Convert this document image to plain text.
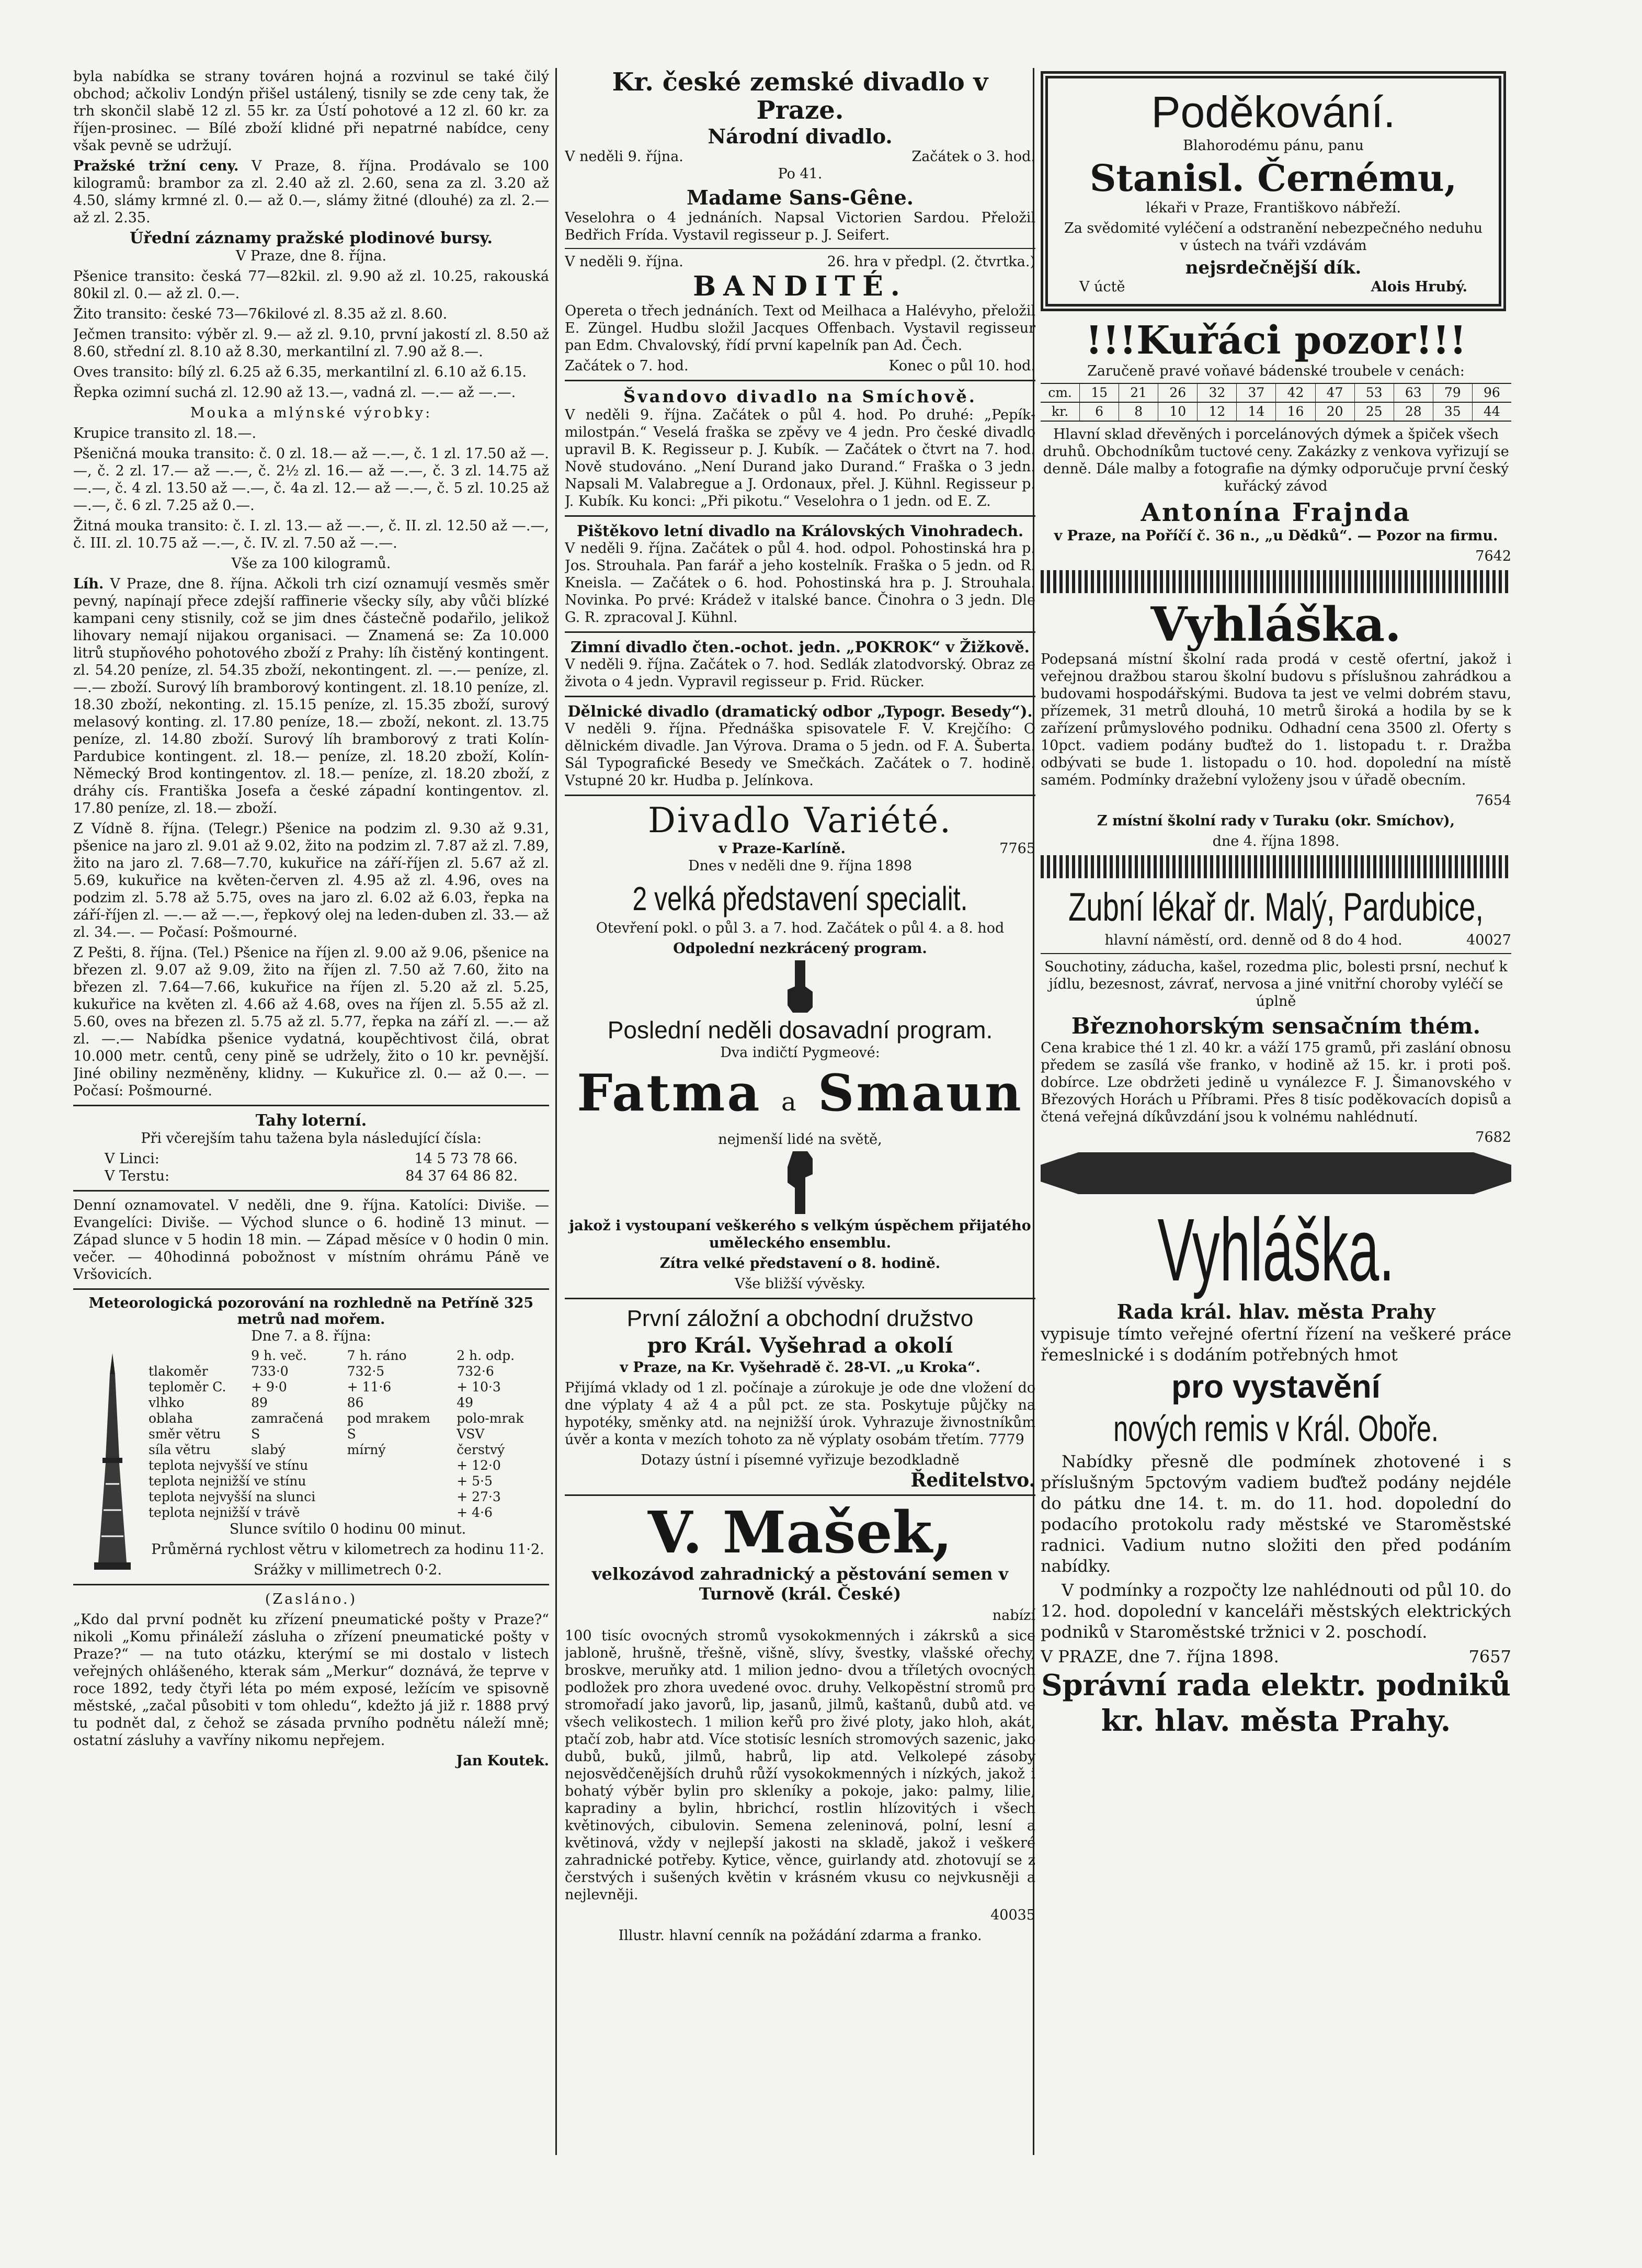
byla nabídka se strany továren hojná a rozvinul se také čilý obchod; ačkoliv Londýn přišel ustálený, tisnily se zde ceny tak, že trh skončil slabě 12 zl. 55 kr. za Ústí pohotové a 12 zl. 60 kr. za říjen-prosinec. — Bílé zboží klidné při nepatrné nabídce, ceny však pevně se udržují.

Pražské tržní ceny. V Praze, 8. října. Prodávalo se 100 kilogramů: brambor za zl. 2.40 až zl. 2.60, sena za zl. 3.20 až 4.50, slámy krmné zl. 0.— až 0.—, slámy žitné (dlouhé) za zl. 2.— až zl. 2.35.

Úřední záznamy pražské plodinové bursy.
V Praze, dne 8. října.

Pšenice transito: česká 77—82kil. zl. 9.90 až zl. 10.25, rakouská 80kil zl. 0.— až zl. 0.—.

Žito transito: české 73—76kilové zl. 8.35 až zl. 8.60.

Ječmen transito: výběr zl. 9.— až zl. 9.10, první jakostí zl. 8.50 až 8.60, střední zl. 8.10 až 8.30, merkantilní zl. 7.90 až 8.—.

Oves transito: bílý zl. 6.25 až 6.35, merkantilní zl. 6.10 až 6.15.

Řepka ozimní suchá zl. 12.90 až 13.—, vadná zl. —.— až —.—.

Mouka a mlýnské výrobky:

Krupice transito zl. 18.—.

Pšeničná mouka transito: č. 0 zl. 18.— až —.—, č. 1 zl. 17.50 až —.—, č. 2 zl. 17.— až —.—, č. 2½ zl. 16.— až —.—, č. 3 zl. 14.75 až —.—, č. 4 zl. 13.50 až —.—, č. 4a zl. 12.— až —.—, č. 5 zl. 10.25 až —.—, č. 6 zl. 7.25 až 0.—.

Žitná mouka transito: č. I. zl. 13.— až —.—, č. II. zl. 12.50 až —.—, č. III. zl. 10.75 až —.—, č. IV. zl. 7.50 až —.—.

Vše za 100 kilogramů.

Líh. V Praze, dne 8. října. Ačkoli trh cizí oznamují vesměs směr pevný, napínají přece zdejší raffinerie všecky síly, aby vůči blízké kampani ceny stisnily, což se jim dnes částečně podařilo, jelikož lihovary nemají nijakou organisaci. — Znamená se: Za 10.000 litrů stupňového pohotového zboží z Prahy: líh čistěný kontingent. zl. 54.20 peníze, zl. 54.35 zboží, nekontingent. zl. —.— peníze, zl. —.— zboží. Surový líh bramborový kontingent. zl. 18.10 peníze, zl. 18.30 zboží, nekonting. zl. 15.15 peníze, zl. 15.35 zboží, surový melasový konting. zl. 17.80 peníze, 18.— zboží, nekont. zl. 13.75 peníze, zl. 14.80 zboží. Surový líh bramborový z trati Kolín-Pardubice kontingent. zl. 18.— peníze, zl. 18.20 zboží, Kolín-Německý Brod kontingentov. zl. 18.— peníze, zl. 18.20 zboží, z dráhy cís. Františka Josefa a české západní kontingentov. zl. 17.80 peníze, zl. 18.— zboží.

Z Vídně 8. října. (Telegr.) Pšenice na podzim zl. 9.30 až 9.31, pšenice na jaro zl. 9.01 až 9.02, žito na podzim zl. 7.87 až zl. 7.89, žito na jaro zl. 7.68—7.70, kukuřice na září-říjen zl. 5.67 až zl. 5.69, kukuřice na květen-červen zl. 4.95 až zl. 4.96, oves na podzim zl. 5.78 až 5.75, oves na jaro zl. 6.02 až 6.03, řepka na září-říjen zl. —.— až —.—, řepkový olej na leden-duben zl. 33.— až zl. 34.—. — Počasí: Pošmourné.

Z Pešti, 8. října. (Tel.) Pšenice na říjen zl. 9.00 až 9.06, pšenice na březen zl. 9.07 až 9.09, žito na říjen zl. 7.50 až 7.60, žito na březen zl. 7.64—7.66, kukuřice na říjen zl. 5.20 až zl. 5.25, kukuřice na květen zl. 4.66 až 4.68, oves na říjen zl. 5.55 až zl. 5.60, oves na březen zl. 5.75 až zl. 5.77, řepka na září zl. —.— až zl. —.— Nabídka pšenice vydatná, koupěchtivost čilá, obrat 10.000 metr. centů, ceny pině se udržely, žito o 10 kr. pevnější. Jiné obiliny nezměněny, klidny. — Kukuřice zl. 0.— až 0.—. — Počasí: Pošmourné.

Tahy loterní.
Při včerejším tahu tažena byla následující čísla:
V Linci:	14 5 73 78 66.
V Terstu:	84 37 64 86 82.

Denní oznamovatel. V neděli, dne 9. října. Katolíci: Diviše. — Evangelíci: Diviše. — Východ slunce o 6. hodině 13 minut. — Západ slunce v 5 hodin 18 min. — Západ měsíce v 0 hodin 0 min. večer. — 40hodinná pobožnost v místním ohrámu Páně ve Vršovicích.

Meteorologická pozorování na rozhledně na Petříně 325 metrů nad mořem.
Dne 7. a 8. října:
	9 h. več.	7 h. ráno	2 h. odp.
tlakoměr	733·0	732·5	732·6
teploměr C.	+ 9·0	+ 11·6	+ 10·3
vlhko	89	86	49
oblaha	zamračená	pod mrakem	polo-mrak
směr větru	S	S	VSV
síla větru	slabý	mírný	čerstvý
teplota nejvyšší ve stínu			+ 12·0
teplota nejnižší ve stínu			+ 5·5
teplota nejvyšší na slunci			+ 27·3
teplota nejnižší v trávě			+ 4·6
Slunce svítilo 0 hodinu 00 minut.
Průměrná rychlost větru v kilometrech za hodinu 11·2.
Srážky v millimetrech 0·2.
(Zasláno.)

„Kdo dal první podnět ku zřízení pneumatické pošty v Praze?“ nikoli „Komu přináleží zásluha o zřízení pneumatické pošty v Praze?“ — na tuto otázku, kterýmí se mi dostalo v listech veřejných ohlášeného, kterak sám „Merkur“ doznává, že teprve v roce 1892, tedy čtyři léta po mém exposé, ležícím ve spisovně městské, „začal působiti v tom ohledu“, kdežto já již r. 1888 prvý tu podnět dal, z čehož se zásada prvního podnětu náleží mně; ostatní zásluhy a vavříny nikomu nepřejem.

Jan Koutek.
Kr. české zemské divadlo v Praze.
Národní divadlo.
V neděli 9. října.	Začátek o 3. hod.
Po 41.
Madame Sans-Gêne.

Veselohra o 4 jednáních. Napsal Victorien Sardou. Přeložil Bedřich Frída. Vystavil regisseur p. J. Seifert.

V neděli 9. října.	26. hra v předpl. (2. čtvrtka.)
BANDITÉ.

Opereta o třech jednáních. Text od Meilhaca a Halévyho, přeložil E. Züngel. Hudbu složil Jacques Offenbach. Vystavil regisseur pan Edm. Chvalovský, řídí první kapelník pan Ad. Čech.

Začátek o 7. hod.	Konec o půl 10. hod.
Švandovo divadlo na Smíchově.

V neděli 9. října. Začátek o půl 4. hod. Po druhé: „Pepík-milostpán.“ Veselá fraška se zpěvy ve 4 jedn. Pro české divadlo upravil B. K. Regisseur p. J. Kubík. — Začátek o čtvrt na 7. hod. Nově studováno. „Není Durand jako Durand.“ Fraška o 3 jedn. Napsali M. Valabregue a J. Ordonaux, přel. J. Kühnl. Regisseur p. J. Kubík. Ku konci: „Při pikotu.“ Veselohra o 1 jedn. od E. Z.

Pištěkovo letní divadlo na Královských Vinohradech.

V neděli 9. října. Začátek o půl 4. hod. odpol. Pohostinská hra p. Jos. Strouhala. Pan farář a jeho kostelník. Fraška o 5 jedn. od R. Kneisla. — Začátek o 6. hod. Pohostinská hra p. J. Strouhala. Novinka. Po prvé: Krádež v italské bance. Činohra o 3 jedn. Dle G. R. zpracoval J. Kühnl.

Zimní divadlo čten.-ochot. jedn. „POKROK“ v Žižkově.

V neděli 9. října. Začátek o 7. hod. Sedlák zlatodvorský. Obraz ze života o 4 jedn. Vypravil regisseur p. Frid. Rücker.

Dělnické divadlo (dramatický odbor „Typogr. Besedy“).

V neděli 9. října. Přednáška spisovatele F. V. Krejčího: O dělnickém divadle. Jan Výrova. Drama o 5 jedn. od F. A. Šuberta. Sál Typografické Besedy ve Smečkách. Začátek o 7. hodině. Vstupné 20 kr. Hudba p. Jelínkova.

Divadlo Variété.
v Praze-Karlíně.	7765
Dnes v neděli dne 9. října 1898
2 velká představení specialit.
Otevření pokl. o půl 3. a 7. hod. Začátek o půl 4. a 8. hod
Odpolední nezkrácený program.
Poslední neděli dosavadní program.
Dva indičtí Pygmeové:
Fatma a Smaun
nejmenší lidé na světě,
jakož i vystoupaní veškerého s velkým úspěchem přijatého uměleckého ensemblu.
Zítra velké představení o 8. hodině.
Vše bližší vývěsky.
První záložní a obchodní družstvo
pro Král. Vyšehrad a okolí
v Praze, na Kr. Vyšehradě č. 28-VI. „u Kroka“.

Přijímá vklady od 1 zl. počínaje a zúrokuje je ode dne vložení do dne výplaty 4 až 4 a půl pct. ze sta. Poskytuje půjčky na hypotéky, směnky atd. na nejnižší úrok. Vyhrazuje živnostníkům úvěr a konta v mezích tohoto za ně výplaty osobám třetím. 7779

Dotazy ústní i písemné vyřizuje bezodkladně
Ředitelstvo.
V. Mašek,
velkozávod zahradnický a pěstování semen v Turnově (král. České)
nabízí

100 tisíc ovocných stromů vysokokmenných i zákrsků a sice jabloně, hrušně, třešně, višně, slívy, švestky, vlašské ořechy, broskve, meruňky atd. 1 milion jedno- dvou a tříletých ovocných podložek pro zhora uvedené ovoc. druhy. Velkopěstní stromů pro stromořadí jako javorů, lip, jasanů, jilmů, kaštanů, dubů atd. ve všech velikostech. 1 milion keřů pro živé ploty, jako hloh, akát, ptačí zob, habr atd. Více stotisíc lesních stromových sazenic, jako dubů, buků, jilmů, habrů, lip atd. Velkolepé zásoby nejosvědčenějších druhů růží vysokokmenných i nízkých, jakož i bohatý výběr bylin pro skleníky a pokoje, jako: palmy, lilie, kapradiny a bylin, hbrichcí, rostlin hlízovitých i všech květinových, cibulovin. Semena zeleninová, polní, lesní a květinová, vždy v nejlepší jakosti na skladě, jakož i veškeré zahradnické potřeby. Kytice, věnce, guirlandy atd. zhotovují se z čerstvých i sušených květin v krásném vkusu co nejvkusněji a nejlevněji.

40035
Illustr. hlavní cenník na požádání zdarma a franko.
Poděkování.
Blahorodému pánu, panu
Stanisl. Černému,
lékaři v Praze, Františkovo nábřeží.

Za svědomité vyléčení a odstranění nebezpečného neduhu v ústech na tváři vzdávám

nejsrdečnější dík.
V úctě	Alois Hrubý.
!!!Kuřáci pozor!!!
Zaručeně pravé voňavé bádenské troubele v cenách:
cm.	15	21	26	32	37	42	47	53	63	79	96
kr.	6	8	10	12	14	16	20	25	28	35	44

Hlavní sklad dřevěných i porcelánových dýmek a špiček všech druhů. Obchodníkům tuctové ceny. Zakázky z venkova vyřizují se denně. Dále malby a fotografie na dýmky odporučuje první český kuřácký závod

Antonína Frajnda

v Praze, na Poříčí č. 36 n., „u Dědků“. — Pozor na firmu.

7642
Vyhláška.

Podepsaná místní školní rada prodá v cestě ofertní, jakož i veřejnou dražbou starou školní budovu s příslušnou zahrádkou a budovami hospodářskými. Budova ta jest ve velmi dobrém stavu, přízemek, 31 metrů dlouhá, 10 metrů široká a hodila by se k zařízení průmyslového podniku. Odhadní cena 3500 zl. Oferty s 10pct. vadiem podány buďtež do 1. listopadu t. r. Dražba odbývati se bude 1. listopadu o 10. hod. dopolední na místě samém. Podmínky dražební vyloženy jsou v úřadě obecním.

7654
Z místní školní rady v Turaku (okr. Smíchov),
dne 4. října 1898.
Zubní lékař dr. Malý, Pardubice,
hlavní náměstí, ord. denně od 8 do 4 hod.	40027

Souchotiny, záducha, kašel, rozedma plic, bolesti prsní, nechuť k jídlu, bezesnost, závrať, nervosa a jiné vnitřní choroby vyléčí se úplně

Březnohorským sensačním thém.

Cena krabice thé 1 zl. 40 kr. a váží 175 gramů, při zaslání obnosu předem se zasílá vše franko, v hodině až 15. kr. i proti poš. dobírce. Lze obdržeti jedině u vynálezce F. J. Šimanovského v Březových Horách u Příbrami. Přes 8 tisíc poděkovacích dopisů a čtená veřejná díkůvzdání jsou k volnému nahlédnutí.

7682
Vyhláška.
Rada král. hlav. města Prahy

vypisuje tímto veřejné ofertní řízení na veškeré práce řemeslnické i s dodáním potřebných hmot

pro vystavění
nových remis v Král. Oboře.

Nabídky přesně dle podmínek zhotovené i s příslušným 5pctovým vadiem buďtež podány nejdéle do pátku dne 14. t. m. do 11. hod. dopolední do podacího protokolu rady městské ve Staroměstské radnici. Vadium nutno složiti den před podáním nabídky.

V podmínky a rozpočty lze nahlédnouti od půl 10. do 12. hod. dopolední v kanceláři městských elektrických podniků v Staroměstské tržnici v 2. poschodí.

V PRAZE, dne 7. října 1898.	7657
Správní rada elektr. podniků kr. hlav. města Prahy.
